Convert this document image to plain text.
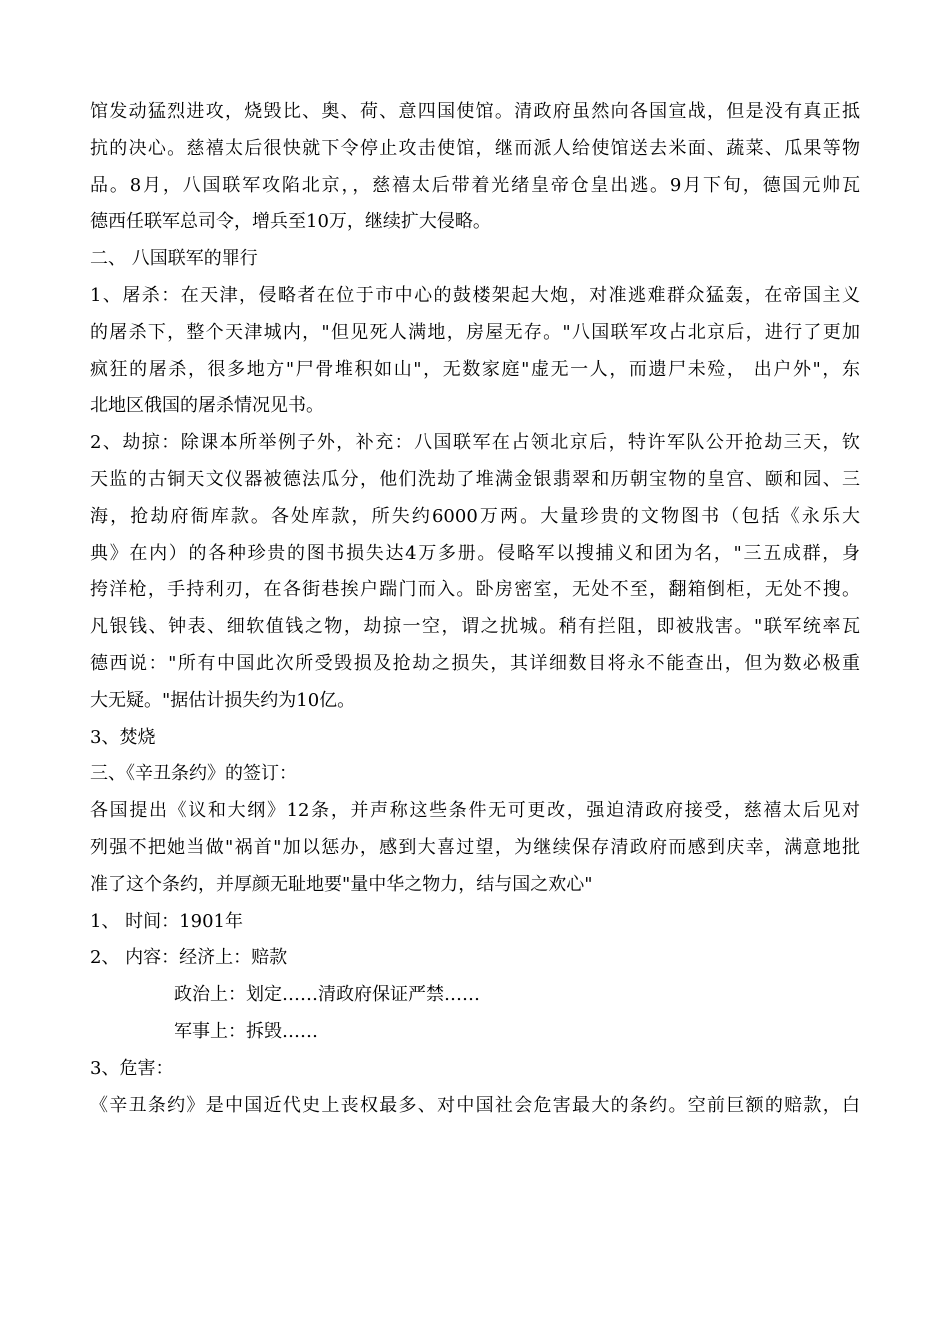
馆发动猛烈进攻，烧毁比、奥、荷、意四国使馆。清政府虽然向各国宣战，但是没有真正抵
抗的决心。慈禧太后很快就下令停止攻击使馆，继而派人给使馆送去米面、蔬菜、瓜果等物
品。8月，八国联军攻陷北京，，慈禧太后带着光绪皇帝仓皇出逃。9月下旬，德国元帅瓦
德西任联军总司令，增兵至10万，继续扩大侵略。
二、 八国联军的罪行
1、屠杀：在天津，侵略者在位于市中心的鼓楼架起大炮，对准逃难群众猛轰，在帝国主义
的屠杀下，整个天津城内，"但见死人满地，房屋无存。"八国联军攻占北京后，进行了更加
疯狂的屠杀，很多地方"尸骨堆积如山"，无数家庭"虚无一人，而遗尸未殓， 出户外"，东
北地区俄国的屠杀情况见书。
2、劫掠：除课本所举例子外，补充：八国联军在占领北京后，特许军队公开抢劫三天，钦
天监的古铜天文仪器被德法瓜分，他们洗劫了堆满金银翡翠和历朝宝物的皇宫、颐和园、三
海，抢劫府衙库款。各处库款，所失约6000万两。大量珍贵的文物图书（包括《永乐大
典》在内）的各种珍贵的图书损失达4万多册。侵略军以搜捕义和团为名，"三五成群，身
挎洋枪，手持利刃，在各街巷挨户踹门而入。卧房密室，无处不至，翻箱倒柜，无处不搜。
凡银钱、钟表、细软值钱之物，劫掠一空，谓之扰城。稍有拦阻，即被戕害。"联军统率瓦
德西说："所有中国此次所受毁损及抢劫之损失，其详细数目将永不能查出，但为数必极重
大无疑。"据估计损失约为10亿。
3、焚烧
三、《辛丑条约》的签订：
各国提出《议和大纲》12条，并声称这些条件无可更改，强迫清政府接受，慈禧太后见对
列强不把她当做"祸首"加以惩办，感到大喜过望，为继续保存清政府而感到庆幸，满意地批
准了这个条约，并厚颜无耻地要"量中华之物力，结与国之欢心"
1、 时间：1901年
2、 内容：经济上：赔款
政治上：划定……清政府保证严禁……
军事上：拆毁……
3、危害：
《辛丑条约》是中国近代史上丧权最多、对中国社会危害最大的条约。空前巨额的赔款，白
